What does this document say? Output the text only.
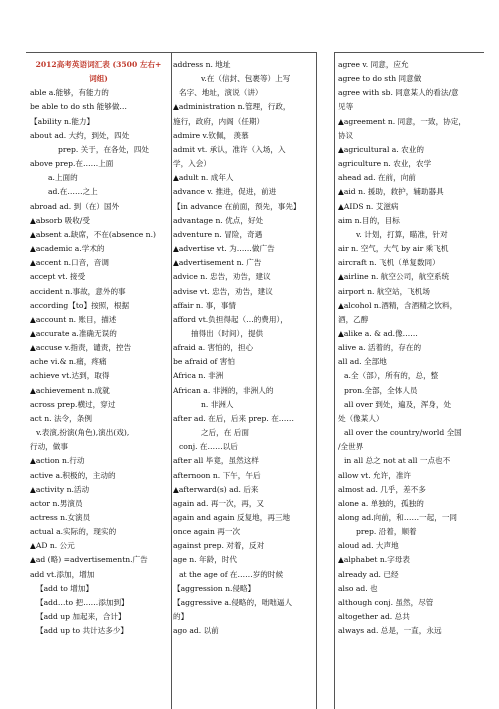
2012高考英语词汇表 (3500 左右+

词组)

able a.能够，有能力的
be able to do sth 能够做…
【ability n.能力】
about ad. 大约，到处，四处
prep. 关于，在各处，四处
above prep.在……上面
a.上面的
ad.在……之上
abroad ad. 到（在）国外
▲absorb 吸收/受
▲absent a.缺席，不在(absence n.)
▲academic a.学术的
▲accent n.口音，音调
accept vt. 接受
accident n.事故，意外的事
according【to】按照，根据
▲account n. 账目，描述
▲accurate a.准确无误的
▲accuse v.指责，谴责，控告
ache vi.& n.痛，疼痛
achieve vt.达到，取得
▲achievement n.成就
across prep.横过，穿过
act n. 法令，条例
v.表演,扮演(角色),演出(戏),
行动，做事
▲action n.行动
active a.积极的，主动的
▲activity n.活动
actor n.男演员
actress n.女演员
actual a.实际的，现实的
▲AD n. 公元
▲ad (略) =advertisementn.广告
add vt.添加，增加
【add to 增加】
【add…to 把……添加到】
【add up 加起来，合计】
【add up to 共计达多少】
address n. 地址
v.在（信封、包裹等）上写
名字、地址，演说（讲）
▲administration n.管理，行政，
施行，政府，内阁（任期）
admire v.钦佩， 羡慕
admit vt. 承认，准许（入场，入
学，入会）
▲adult n. 成年人
advance v. 推进，促进，前进
【in advance 在前面，预先，事先】
advantage n. 优点，好处
adventure n. 冒险，奇遇
▲advertise vt. 为……做广告
▲advertisement n. 广告
advice n. 忠告，劝告，建议
advise vt. 忠告，劝告，建议
affair n. 事，事情
afford vt.负担得起（…的费用），
抽得出（时间），提供
afraid a. 害怕的，担心
be afraid of 害怕
Africa n. 非洲
African a. 非洲的，非洲人的
n. 非洲人
after ad. 在后，后来 prep. 在……
之后，在 后面
conj. 在……以后
after all 毕竟，虽然这样
afternoon n. 下午，午后
▲afterward(s) ad. 后来
again ad. 再一次，再，又
again and again 反复地，再三地
once again 再一次
against prep. 对着，反对
age n. 年龄，时代
at the age of 在……岁的时候
【aggression n.侵略】
【aggressive a.侵略的，咄咄逼人
的】
ago ad. 以前
agree v. 同意，应允
agree to do sth 同意做
agree with sb. 同意某人的看法/意
见等
▲agreement n. 同意，一致，协定，
协议
▲agricultural a. 农业的
agriculture n. 农业，农学
ahead ad. 在前，向前
▲aid n. 援助，救护，辅助器具
▲AIDS n. 艾滋病
aim n.目的，目标
v. 计划，打算，瞄准，针对
air n. 空气，大气 by air 乘飞机
aircraft n. 飞机（单复数同）
▲airline n. 航空公司，航空系统
airport n. 航空站，飞机场
▲alcohol n.酒精，含酒精之饮料，
酒，乙醇
▲alike a. & ad.像……
alive a. 活着的，存在的
all ad. 全部地
a.全（部），所有的，总，整
pron.全部，全体人员
all over 到处，遍及，浑身，处
处（像某人）
all over the country/world 全国
/全世界
in all 总之 not at all 一点也不
allow vt. 允许，准许
almost ad. 几乎，差不多
alone a. 单独的，孤独的
along ad.向前，和……一起，一同
prep. 沿着，顺着
aloud ad. 大声地
▲alphabet n.字母表
already ad. 已经
also ad. 也
although conj. 虽然，尽管
altogether ad. 总共
always ad. 总是，一直，永远
